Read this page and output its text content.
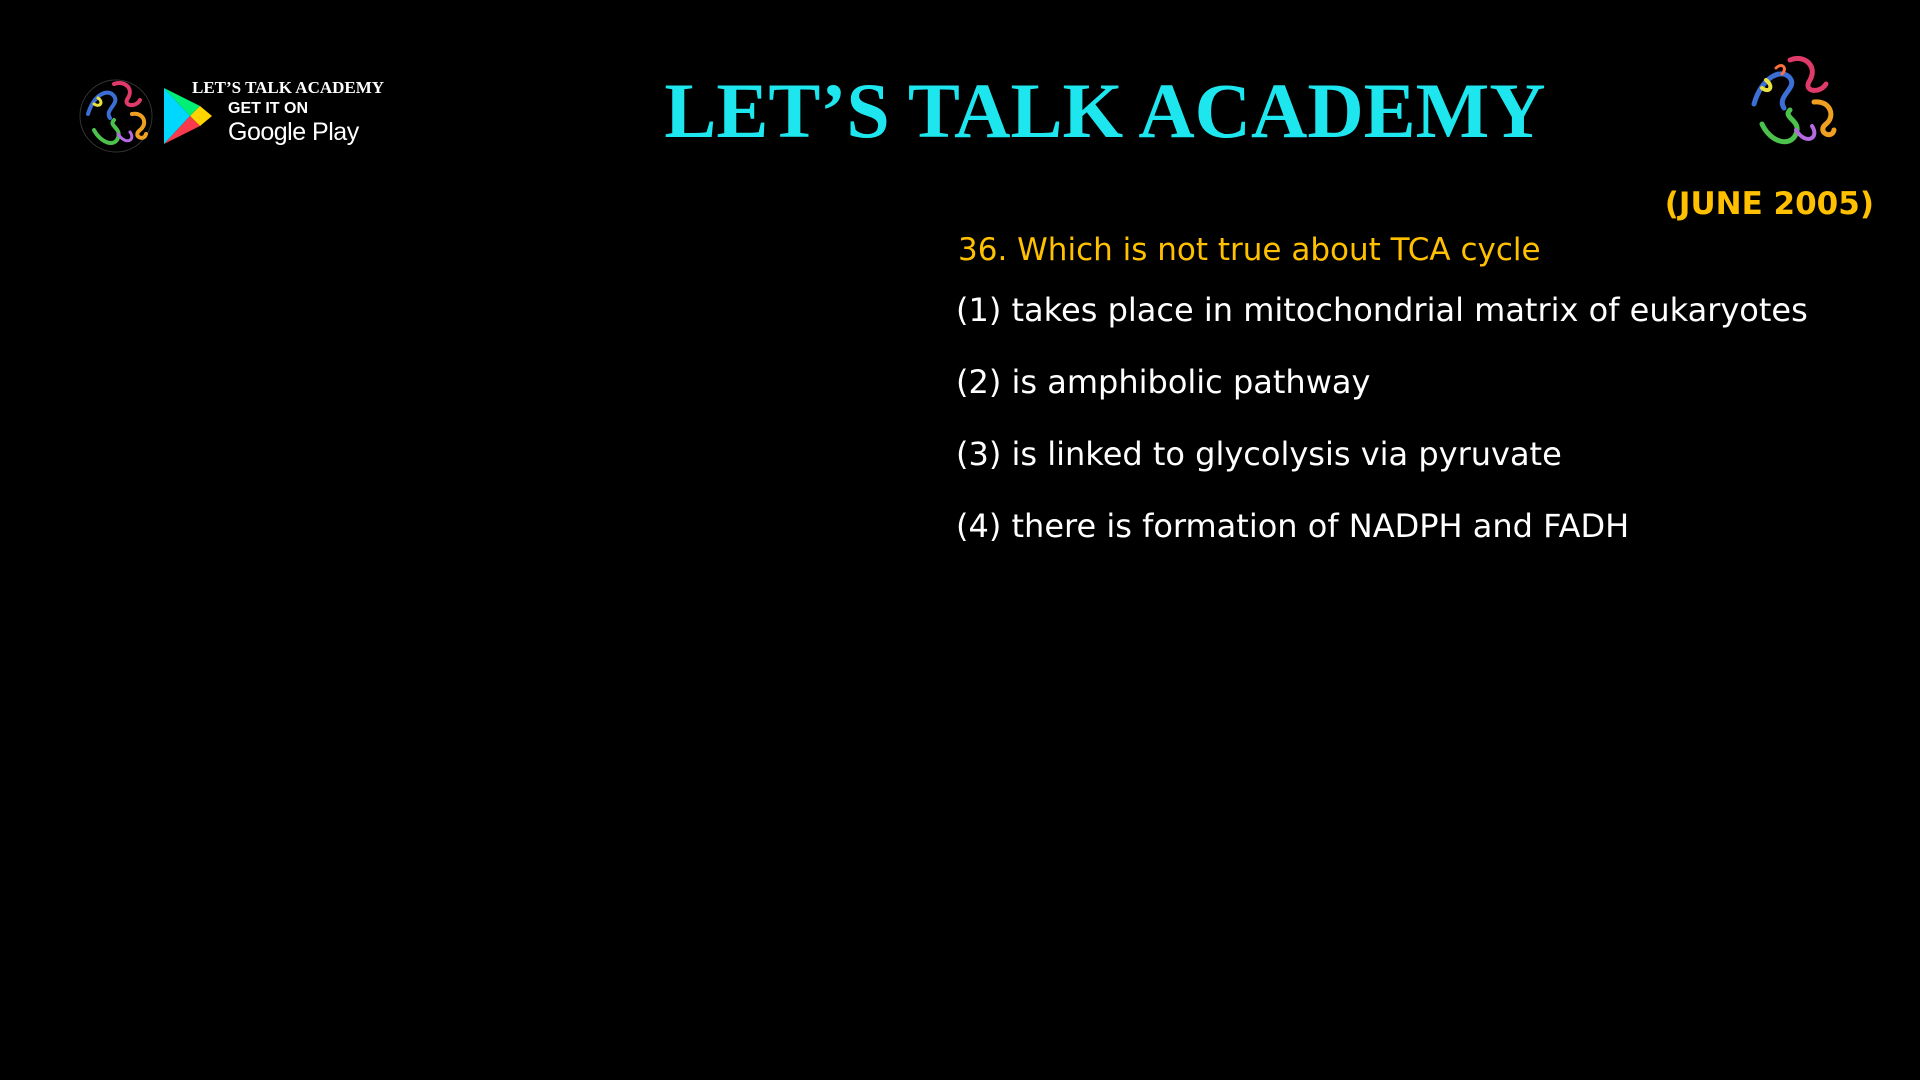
LET’S TALK ACADEMY
GET IT ON
Google Play	LET’S TALK ACADEMY
(JUNE 2005)
36. Which is not true about TCA cycle
(1) takes place in mitochondrial matrix of eukaryotes
(2) is amphibolic pathway
(3) is linked to glycolysis via pyruvate
(4) there is formation of NADPH and FADH
